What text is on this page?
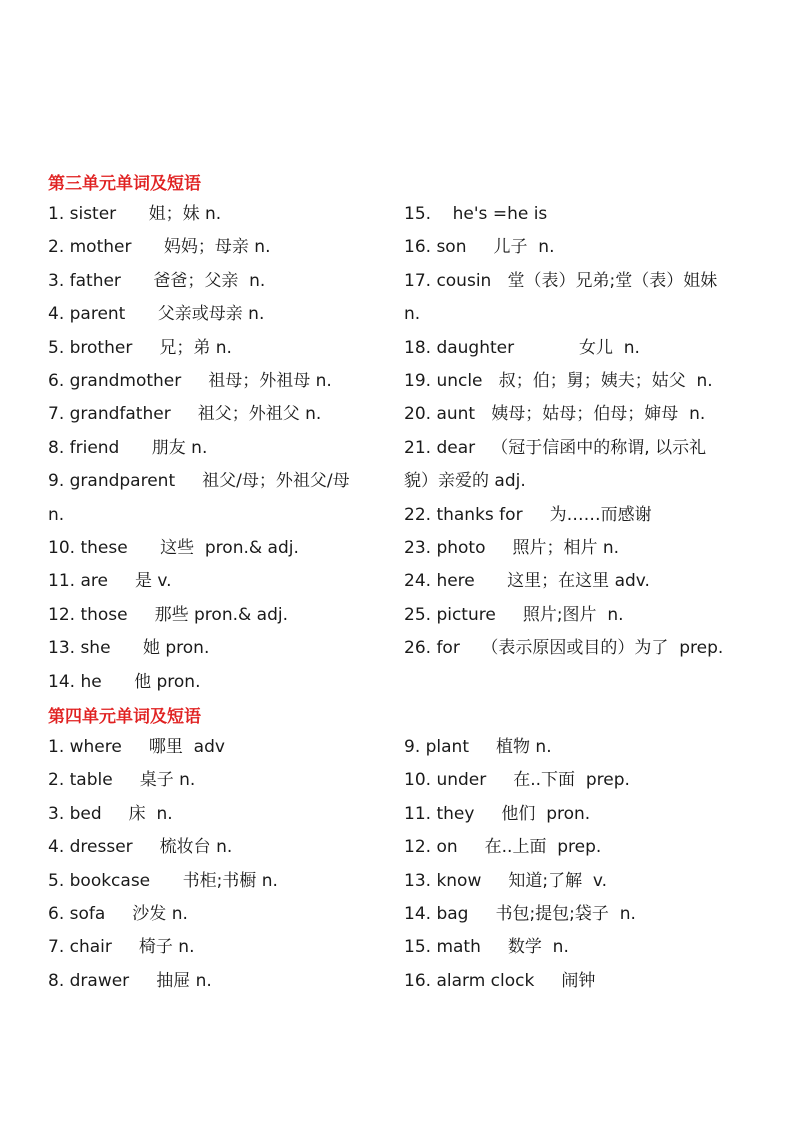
第三单元单词及短语
1. sister      姐；妹 n.
2. mother      妈妈；母亲 n.
3. father      爸爸；父亲  n.
4. parent      父亲或母亲 n.
5. brother     兄；弟 n.
6. grandmother     祖母；外祖母 n.
7. grandfather     祖父；外祖父 n.
8. friend      朋友 n.
9. grandparent     祖父/母；外祖父/母
n.
10. these      这些  pron.& adj.
11. are     是 v.
12. those     那些 pron.& adj.
13. she      她 pron.
14. he      他 pron.
15.    he's =he is
16. son     儿子  n.
17. cousin   堂（表）兄弟;堂（表）姐妹
n.
18. daughter            女儿  n.
19. uncle   叔；伯；舅；姨夫；姑父  n.
20. aunt   姨母；姑母；伯母；婶母  n.
21. dear   （冠于信函中的称谓, 以示礼
貌）亲爱的 adj.
22. thanks for     为……而感谢
23. photo     照片；相片 n.
24. here      这里；在这里 adv.
25. picture     照片;图片  n.
26. for    （表示原因或目的）为了  prep.
第四单元单词及短语
1. where     哪里  adv
2. table     桌子 n.
3. bed     床  n.
4. dresser     梳妆台 n.
5. bookcase      书柜;书橱 n.
6. sofa     沙发 n.
7. chair     椅子 n.
8. drawer     抽屉 n.
9. plant     植物 n.
10. under     在..下面  prep.
11. they     他们  pron.
12. on     在..上面  prep.
13. know     知道;了解  v.
14. bag     书包;提包;袋子  n.
15. math     数学  n.
16. alarm clock     闹钟
